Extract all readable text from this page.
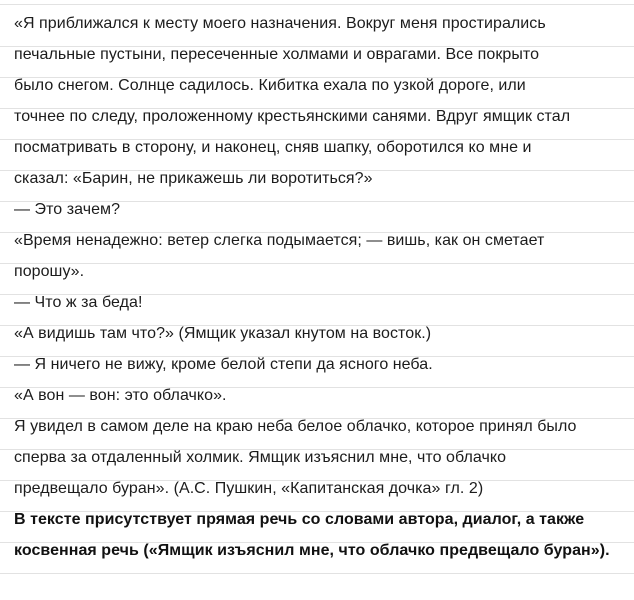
«Я приближался к месту моего назначения. Вокруг меня простирались
печальные пустыни, пересеченные холмами и оврагами. Все покрыто
было снегом. Солнце садилось. Кибитка ехала по узкой дороге, или
точнее по следу, проложенному крестьянскими санями. Вдруг ямщик стал
посматривать в сторону, и наконец, сняв шапку, оборотился ко мне и
сказал: «Барин, не прикажешь ли воротиться?»
— Это зачем?
«Время ненадежно: ветер слегка подымается; — вишь, как он сметает
порошу».
— Что ж за беда!
«А видишь там что?» (Ямщик указал кнутом на восток.)
— Я ничего не вижу, кроме белой степи да ясного неба.
«А вон — вон: это облачко».
Я увидел в самом деле на краю неба белое облачко, которое принял было
сперва за отдаленный холмик. Ямщик изъяснил мне, что облачко
предвещало буран». (А.С. Пушкин, «Капитанская дочка» гл. 2)
В тексте присутствует прямая речь со словами автора, диалог, а также
косвенная речь («Ямщик изъяснил мне, что облачко предвещало буран»).
